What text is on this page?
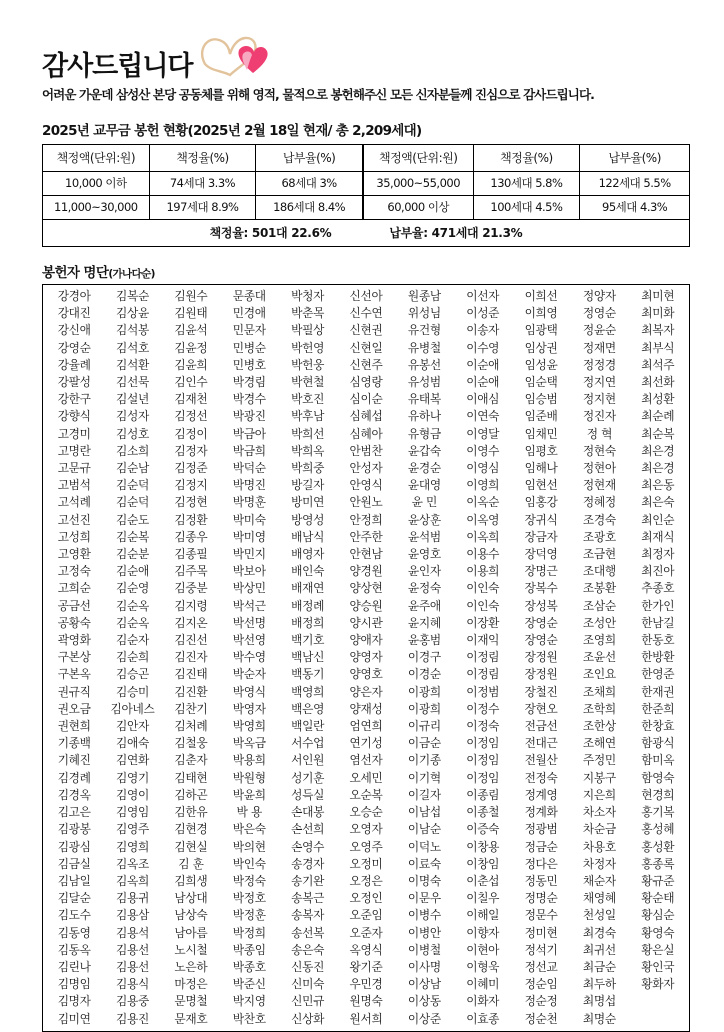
감사드립니다
어려운 가운데 삼성산 본당 공동체를 위해 영적, 물적으로 봉헌해주신 모든 신자분들께 진심으로 감사드립니다.
2025년 교무금 봉헌 현황(2025년 2월 18일 현재/ 총 2,209세대)
책정액(단위:원)	책정율(%)	납부율(%)	책정액(단위:원)	책정율(%)	납부율(%)
10,000 이하	74세대 3.3%	68세대 3%	35,000~55,000	130세대 5.8%	122세대 5.5%
11,000~30,000	197세대 8.9%	186세대 8.4%	60,000 이상	100세대 4.5%	95세대 4.3%

책정율: 501대 22.6% 납부율: 471세대 21.3%					
봉헌자 명단(가나다순)
강경아	김복순	김원수	문종대	박청자	신선아	원종남	이선자	이희선	정양자	최미현
강대진	김상윤	김원태	민경애	박춘목	신수연	위성님	이성준	이희영	정영순	최미화
강신애	김석봉	김윤석	민문자	박필상	신현권	유건형	이송자	임광택	정윤순	최복자
강영순	김석호	김윤정	민병순	박헌영	신현일	유병철	이수영	임상권	정재면	최부식
강율례	김석환	김윤희	민병호	박헌웅	신현주	유봉선	이순애	임성윤	정정경	최석주
강팔성	김선묵	김인수	박경림	박현철	심영랑	유성범	이순애	임순택	정지연	최선화
강한구	김설년	김재천	박경수	박호진	심이순	유태복	이애심	임승범	정지현	최성환
강향식	김성자	김정선	박광진	박후남	심혜섭	유하나	이연숙	임준배	정진자	최순례
고경미	김성호	김정이	박금아	박희선	심혜아	유형금	이영달	임채민	정 혁	최순복
고명란	김소희	김정자	박금희	박희옥	안범찬	윤갑숙	이영수	임평호	정현숙	최은경
고문규	김순남	김정준	박덕순	박희중	안성자	윤경순	이영심	임해나	정현아	최은경
고범석	김순덕	김정지	박명진	방길자	안영식	윤대영	이영희	임현선	정현재	최은동
고석례	김순덕	김정현	박명훈	방미연	안원노	윤 민	이옥순	임홍강	정혜정	최은숙
고선진	김순도	김정환	박미숙	방영성	안정희	윤상훈	이옥영	장귀식	조경숙	최인순
고성희	김순복	김종우	박미영	배남식	안주한	윤석범	이옥희	장금자	조광호	최재식
고영환	김순분	김종필	박민지	배영자	안현남	윤영호	이용수	장덕영	조금현	최정자
고정숙	김순애	김주목	박보아	배인숙	양경원	윤인자	이용희	장명근	조대행	최진아
고희순	김순영	김중분	박상민	배재연	양상현	윤정숙	이인숙	장복수	조봉환	추종호
공금선	김순옥	김지령	박석근	배정례	양승원	윤주애	이인숙	장성복	조삼순	한가인
공황숙	김순옥	김지온	박선명	배정희	양시관	윤지혜	이장환	장영순	조성안	한남길
곽영화	김순자	김진선	박선영	백기호	양애자	윤홍범	이재익	장영순	조영희	한동호
구본상	김순희	김진자	박수영	백남신	양영자	이경구	이정림	장정원	조윤선	한방환
구본옥	김승곤	김진태	박순자	백동기	양영호	이경순	이정림	장정원	조인요	한영준
권규직	김승미	김진환	박영식	백영희	양은자	이광희	이정범	장철진	조채희	한재권
권오금	김아네스	김찬기	박영자	백은영	양재성	이광희	이정수	장현오	조학희	한준희
권현희	김안자	김처례	박영희	백일란	엄연희	이규리	이정숙	전금선	조한상	한창효
기종백	김애숙	김철웅	박옥금	서수업	연기성	이금순	이정임	전대근	조해연	함광식
기혜진	김연화	김춘자	박용희	서인원	염선자	이기종	이정임	전월산	주정민	함미옥
김경례	김영기	김태현	박원형	성기훈	오세민	이기혁	이정임	전정숙	지봉구	함영숙
김경옥	김영이	김하곤	박윤희	성득실	오순복	이길자	이종림	정계영	지은희	현경희
김고은	김영임	김한유	박 용	손대봉	오승순	이남섭	이종철	정계화	차소자	홍기복
김광봉	김영주	김현경	박은숙	손선희	오영자	이남순	이증숙	정광범	차순금	홍성혜
김광심	김영희	김현실	박의현	손영수	오영주	이덕노	이창용	정금순	차용호	홍성환
김금실	김옥조	김 훈	박인숙	송경자	오정미	이료숙	이창임	정다은	차정자	홍종록
김남일	김옥희	김희생	박정숙	송기완	오정은	이명숙	이춘섭	정동민	채순자	황규준
김달순	김용귀	남상대	박정호	송복근	오정인	이문우	이칠우	정명순	채영혜	황순태
김도수	김용삼	남상숙	박정훈	송복자	오준임	이병수	이해일	정문수	천성일	황심순
김동영	김용석	남아름	박정희	송선복	오준자	이병안	이향자	정미현	최경숙	황영숙
김동옥	김용선	노시철	박종임	송은숙	옥영식	이병철	이현아	정석기	최귀선	황은실
김린나	김용선	노은하	박종호	신동진	왕기준	이사명	이형욱	정선교	최금순	황인국
김명임	김용식	마정은	박준신	신미숙	우민경	이상남	이혜미	정순임	최두하	황화자
김명자	김용중	문명철	박지영	신민규	원명숙	이상동	이화자	정순정	최명섭	
김미연	김용진	문재호	박찬호	신상화	원서희	이상준	이효종	정순천	최명순	
